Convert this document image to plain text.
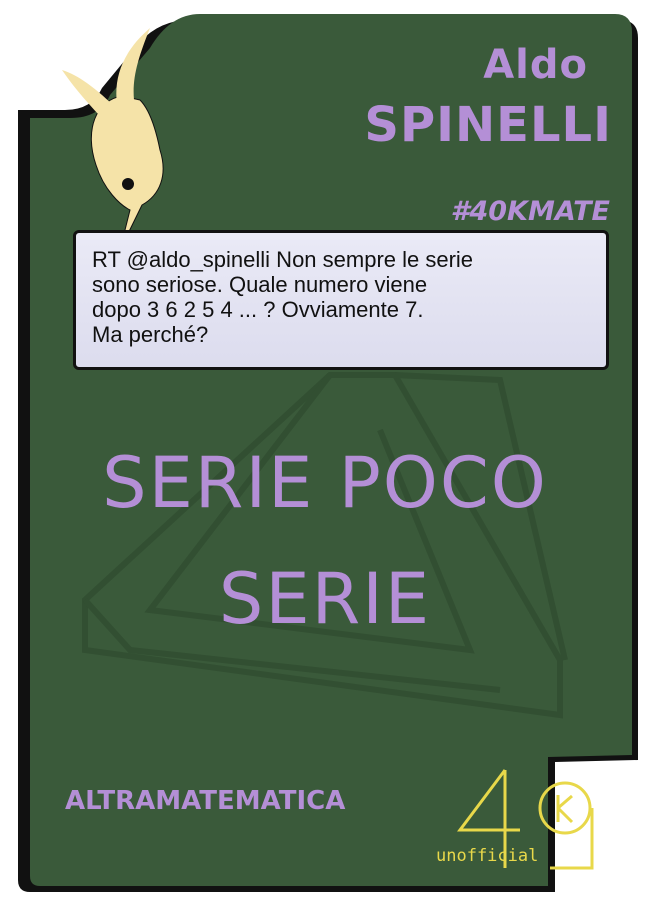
Aldo
SPINELLI
#40KMATE

RT @aldo_spinelli Non sempre le serie
sono seriose. Quale numero viene
dopo 3 6 2 5 4 ... ? Ovviamente 7.
Ma perché?

SERIE POCO
SERIE
ALTRAMATEMATICA
unofficial
